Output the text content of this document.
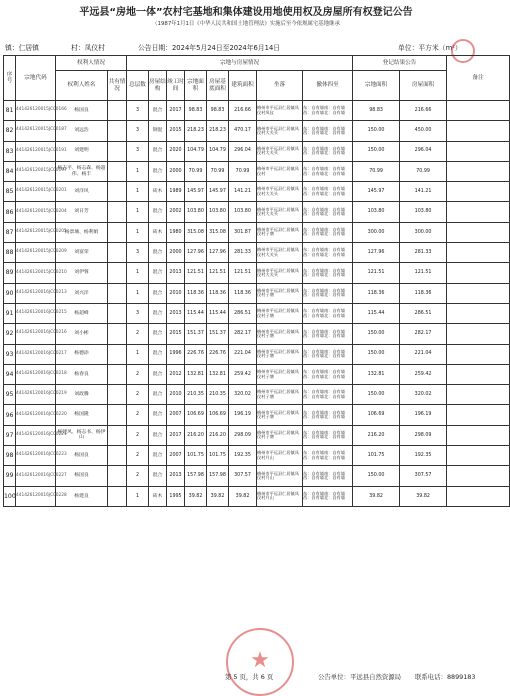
平远县“房地一体”农村宅基地和集体建设用地使用权及房屋所有权登记公告
（1987年1月1日《中华人民共和国土地管理法》实施后至今依规属宅基地继承
镇：仁居镇	村：凤仪村	公告日期：2024年5月24日至2024年6月14日	单位：平方米（m²）
序号	宗地代码	权利人情况		宗地与房屋情况								登记结果公告		备注
		权利人姓名	共有情况	总层数	房屋结构	竣工时间	宗地面积	房屋基底面积	建筑面积	坐落	撤体四至	宗地面积	房屋面积	
81	441426120015JC00166	杨国良		3	混合	2017	98.83	98.83	216.66	梅州市平远县仁居镇凤仪村凤仪	东：自有墙南：自有墙西：自有墙北：自有墙	98.83	216.66	
82	441426120015JC00187	刘远浩		3	钢混	2015	218.23	218.23	470.17	梅州市平远县仁居镇凤仪村大关头	东：自有墙南：自有墙西：自有墙北：自有墙	150.00	450.00	
83	441426120015JC00191	刘建明		3	混合	2020	104.79	104.79	296.04	梅州市平远县仁居镇凤仪村大关头	东：自有墙南：自有墙西：自有墙北：自有墙	150.00	296.04	
84	441426120015JC00197	杨志平、杨志森、杨超伟、杨丰		1	混合	2000	70.99	70.99	70.99	梅州市平远县仁居镇凤仪村	东：自有墙南：自有墙西：自有墙北：自有墙	70.99	70.99	
85	441426120015JC00201	刘洋风		1	砖木	1989	145.97	145.97	141.21	梅州市平远县仁居镇凤仪村大关头	东：自有墙南：自有墙西：自有墙北：自有墙	145.97	141.21	
86	441426120015JC00204	刘日芳		1	混合	2002	103.80	103.80	103.80	梅州市平远县仁居镇凤仪村大关头	东：自有墙南：自有墙西：自有墙北：自有墙	103.80	103.80	
87	441426120015JC00205	杨景城、杨利娟		1	砖木	1980	315.08	315.08	301.87	梅州市平远县仁居镇凤仪村子塘	东：自有墙南：自有墙西：自有墙北：自有墙	300.00	300.00	
88	441426120015JC00209	刘富荣		3	混合	2000	127.96	127.96	281.33	梅州市平远县仁居镇凤仪村大关头	东：自有墙南：自有墙西：自有墙北：自有墙	127.96	281.33	
89	441426120015JC00210	刘伊蓉		1	混合	2013	121.51	121.51	121.51	梅州市平远县仁居镇凤仪村大关头	东：自有墙南：自有墙西：自有墙北：自有墙	121.51	121.51	
90	441426120016JC00213	刘兴洋		1	混合	2010	118.36	118.36	118.36	梅州市平远县仁居镇凤仪村子塘	东：自有墙南：自有墙西：自有墙北：自有墙	118.36	118.36	
91	441426120016JC00215	杨超峰		3	混合	2013	115.44	115.44	286.51	梅州市平远县仁居镇凤仪村子塘	东：自有墙南：自有墙西：自有墙北：自有墙	115.44	286.51	
92	441426120016JC00216	刘小彬		2	混合	2015	151.37	151.37	282.17	梅州市平远县仁居镇凤仪村子塘	东：自有墙南：自有墙西：自有墙北：自有墙	150.00	282.17	
93	441426120016JC00217	杨德添		1	混合	1996	226.76	226.76	221.04	梅州市平远县仁居镇凤仪村子塘	东：自有墙南：自有墙西：自有墙北：自有墙	150.00	221.04	
94	441426120016JC00218	杨春良		2	混合	2012	132.81	132.81	259.42	梅州市平远县仁居镇凤仪村子塘	东：自有墙南：自有墙西：自有墙北：自有墙	132.81	259.42	
95	441426120016JC00219	刘政腾		2	混合	2010	210.35	210.35	320.02	梅州市平远县仁居镇凤仪村子塘	东：自有墙南：自有墙西：自有墙北：自有墙	150.00	320.02	
96	441426120016JC00220	杨国隆		2	混合	2007	106.69	106.69	196.19	梅州市平远县仁居镇凤仪村子塘	东：自有墙南：自有墙西：自有墙北：自有墙	106.69	196.19	
97	441426120016JC00221	杨建风、杨志书、杨伊山		2	混合	2017	216.20	216.20	298.09	梅州市平远县仁居镇凤仪村子塘	东：自有墙南：自有墙西：自有墙北：自有墙	216.20	298.09	
98	441426120016JC00223	杨国良		2	混合	2007	101.75	101.75	192.35	梅州市平远县仁居镇凤仪村月山	东：自有墙南：自有墙西：自有墙北：自有墙	101.75	192.35	
99	441426120016JC00227	杨国良		2	混合	2013	157.98	157.98	307.57	梅州市平远县仁居镇凤仪村月山	东：自有墙南：自有墙西：自有墙北：自有墙	150.00	307.57	
100	441426120016JC00228	杨建良		1	砖木	1995	39.82	39.82	39.82	梅州市平远县仁居镇凤仪村月山	东：自有墙南：自有墙西：自有墙北：自有墙	39.82	39.82	
★
第 5 页，共 6 页	公告单位：平远县自然资源局 联系电话：8899183
